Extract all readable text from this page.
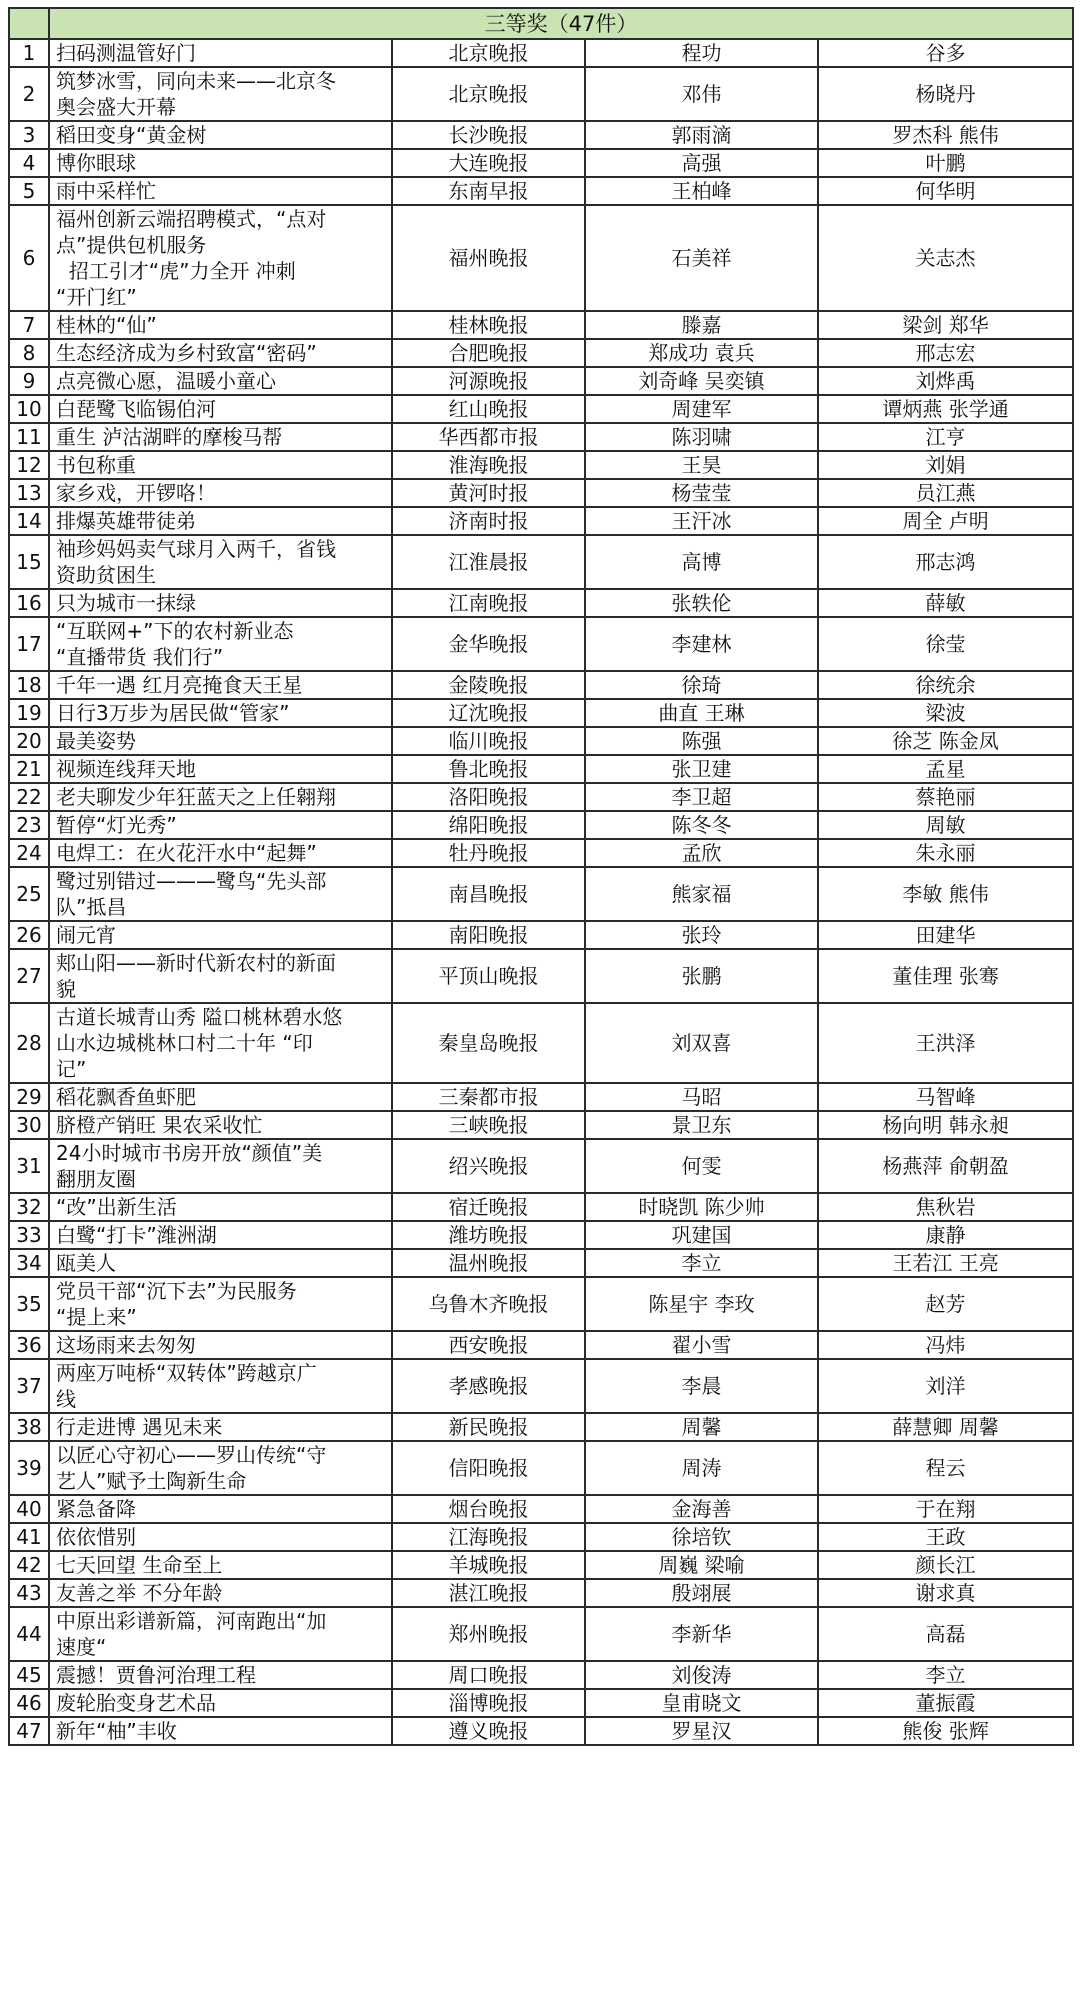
	三等奖（47件）			
1	扫码测温管好门	北京晚报	程功	谷多
2	筑梦冰雪，同向未来——北京冬
奥会盛大开幕	北京晚报	邓伟	杨晓丹
3	稻田变身“黄金树	长沙晚报	郭雨滴	罗杰科 熊伟
4	博你眼球	大连晚报	高强	叶鹏
5	雨中采样忙	东南早报	王柏峰	何华明
6	福州创新云端招聘模式，“点对
点”提供包机服务
招工引才“虎”力全开 冲刺
“开门红”	福州晚报	石美祥	关志杰
7	桂林的“仙”	桂林晚报	滕嘉	梁剑 郑华
8	生态经济成为乡村致富“密码”	合肥晚报	郑成功 袁兵	邢志宏
9	点亮微心愿，温暖小童心	河源晚报	刘奇峰 吴奕镇	刘烨禹
10	白琵鹭飞临锡伯河	红山晚报	周建军	谭炳燕 张学通
11	重生 泸沽湖畔的摩梭马帮	华西都市报	陈羽啸	江亨
12	书包称重	淮海晚报	王昊	刘娟
13	家乡戏，开锣咯！	黄河时报	杨莹莹	员江燕
14	排爆英雄带徒弟	济南时报	王汗冰	周全 卢明
15	袖珍妈妈卖气球月入两千，省钱
资助贫困生	江淮晨报	高博	邢志鸿
16	只为城市一抹绿	江南晚报	张轶伦	薛敏
17	“互联网+”下的农村新业态
“直播带货 我们行”	金华晚报	李建林	徐莹
18	千年一遇 红月亮掩食天王星	金陵晚报	徐琦	徐统余
19	日行3万步为居民做“管家”	辽沈晚报	曲直 王琳	梁波
20	最美姿势	临川晚报	陈强	徐芝 陈金凤
21	视频连线拜天地	鲁北晚报	张卫建	孟星
22	老夫聊发少年狂蓝天之上任翱翔	洛阳晚报	李卫超	蔡艳丽
23	暂停“灯光秀”	绵阳晚报	陈冬冬	周敏
24	电焊工：在火花汗水中“起舞”	牡丹晚报	孟欣	朱永丽
25	鹭过别错过———鹭鸟“先头部
队”抵昌	南昌晚报	熊家福	李敏 熊伟
26	闹元宵	南阳晚报	张玲	田建华
27	郏山阳——新时代新农村的新面
貌	平顶山晚报	张鹏	董佳理 张骞
28	古道长城青山秀 隘口桃林碧水悠
山水边城桃林口村二十年 “印
记”	秦皇岛晚报	刘双喜	王洪泽
29	稻花飘香鱼虾肥	三秦都市报	马昭	马智峰
30	脐橙产销旺 果农采收忙	三峡晚报	景卫东	杨向明 韩永昶
31	24小时城市书房开放“颜值”美
翻朋友圈	绍兴晚报	何雯	杨燕萍 俞朝盈
32	“改”出新生活	宿迁晚报	时晓凯 陈少帅	焦秋岩
33	白鹭“打卡”潍洲湖	潍坊晚报	巩建国	康静
34	瓯美人	温州晚报	李立	王若江 王亮
35	党员干部“沉下去”为民服务
“提上来”	乌鲁木齐晚报	陈星宇 李玫	赵芳
36	这场雨来去匆匆	西安晚报	翟小雪	冯炜
37	两座万吨桥“双转体”跨越京广
线	孝感晚报	李晨	刘洋
38	行走进博 遇见未来	新民晚报	周馨	薛慧卿 周馨
39	以匠心守初心——罗山传统“守
艺人”赋予土陶新生命	信阳晚报	周涛	程云
40	紧急备降	烟台晚报	金海善	于在翔
41	依依惜别	江海晚报	徐培钦	王政
42	七天回望 生命至上	羊城晚报	周巍 梁喻	颜长江
43	友善之举 不分年龄	湛江晚报	殷翊展	谢求真
44	中原出彩谱新篇，河南跑出“加
速度“	郑州晚报	李新华	高磊
45	震撼！贾鲁河治理工程	周口晚报	刘俊涛	李立
46	废轮胎变身艺术品	淄博晚报	皇甫晓文	董振霞
47	新年“柚”丰收	遵义晚报	罗星汉	熊俊 张辉
